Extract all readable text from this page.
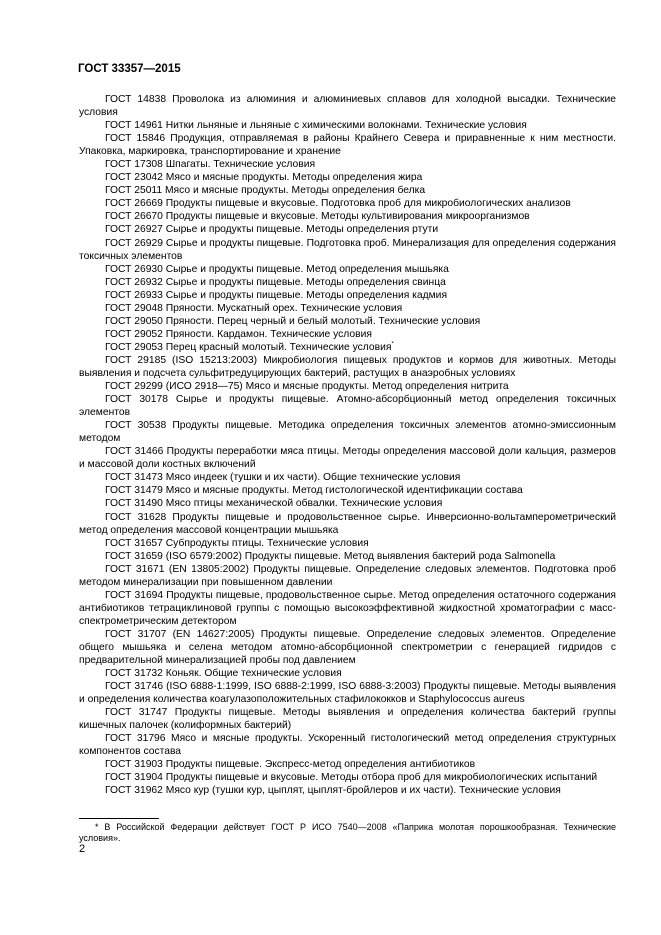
ГОСТ 33357—2015

ГОСТ 14838 Проволока из алюминия и алюминиевых сплавов для холодной высадки. Технические условия

ГОСТ 14961 Нитки льняные и льняные с химическими волокнами. Технические условия

ГОСТ 15846 Продукция, отправляемая в районы Крайнего Севера и приравненные к ним местности. Упаковка, маркировка, транспортирование и хранение

ГОСТ 17308 Шпагаты. Технические условия

ГОСТ 23042 Мясо и мясные продукты. Методы определения жира

ГОСТ 25011 Мясо и мясные продукты. Методы определения белка

ГОСТ 26669 Продукты пищевые и вкусовые. Подготовка проб для микробиологических анализов

ГОСТ 26670 Продукты пищевые и вкусовые. Методы культивирования микроорганизмов

ГОСТ 26927 Сырье и продукты пищевые. Методы определения ртути

ГОСТ 26929 Сырье и продукты пищевые. Подготовка проб. Минерализация для определения содержания токсичных элементов

ГОСТ 26930 Сырье и продукты пищевые. Метод определения мышьяка

ГОСТ 26932 Сырье и продукты пищевые. Методы определения свинца

ГОСТ 26933 Сырье и продукты пищевые. Методы определения кадмия

ГОСТ 29048 Пряности. Мускатный орех. Технические условия

ГОСТ 29050 Пряности. Перец черный и белый молотый. Технические условия

ГОСТ 29052 Пряности. Кардамон. Технические условия

ГОСТ 29053 Перец красный молотый. Технические условия*

ГОСТ 29185 (ISO 15213:2003) Микробиология пищевых продуктов и кормов для животных. Методы выявления и подсчета сульфитредуцирующих бактерий, растущих в анаэробных условиях

ГОСТ 29299 (ИСО 2918—75) Мясо и мясные продукты. Метод определения нитрита

ГОСТ 30178 Сырье и продукты пищевые. Атомно-абсорбционный метод определения токсичных элементов

ГОСТ 30538 Продукты пищевые. Методика определения токсичных элементов атомно-эмиссионным методом

ГОСТ 31466 Продукты переработки мяса птицы. Методы определения массовой доли кальция, размеров и массовой доли костных включений

ГОСТ 31473 Мясо индеек (тушки и их части). Общие технические условия

ГОСТ 31479 Мясо и мясные продукты. Метод гистологической идентификации состава

ГОСТ 31490 Мясо птицы механической обвалки. Технические условия

ГОСТ 31628 Продукты пищевые и продовольственное сырье. Инверсионно-вольтамперометрический метод определения массовой концентрации мышьяка

ГОСТ 31657 Субпродукты птицы. Технические условия

ГОСТ 31659 (ISO 6579:2002) Продукты пищевые. Метод выявления бактерий рода Salmonella

ГОСТ 31671 (EN 13805:2002) Продукты пищевые. Определение следовых элементов. Подготовка проб методом минерализации при повышенном давлении

ГОСТ 31694 Продукты пищевые, продовольственное сырье. Метод определения остаточного содержания антибиотиков тетрациклиновой группы с помощью высокоэффективной жидкостной хроматографии с масс-спектрометрическим детектором

ГОСТ 31707 (EN 14627:2005) Продукты пищевые. Определение следовых элементов. Определение общего мышьяка и селена методом атомно-абсорбционной спектрометрии с генерацией гидридов с предварительной минерализацией пробы под давлением

ГОСТ 31732 Коньяк. Общие технические условия

ГОСТ 31746 (ISO 6888-1:1999, ISO 6888-2:1999, ISO 6888-3:2003) Продукты пищевые. Методы выявления и определения количества коагулазоположительных стафилококков и Staphylococcus aureus

ГОСТ 31747 Продукты пищевые. Методы выявления и определения количества бактерий группы кишечных палочек (колиформных бактерий)

ГОСТ 31796 Мясо и мясные продукты. Ускоренный гистологический метод определения структурных компонентов состава

ГОСТ 31903 Продукты пищевые. Экспресс-метод определения антибиотиков

ГОСТ 31904 Продукты пищевые и вкусовые. Методы отбора проб для микробиологических испытаний

ГОСТ 31962 Мясо кур (тушки кур, цыплят, цыплят-бройлеров и их части). Технические условия

* В Российской Федерации действует ГОСТ Р ИСО 7540—2008 «Паприка молотая порошкообразная. Технические условия».

2
